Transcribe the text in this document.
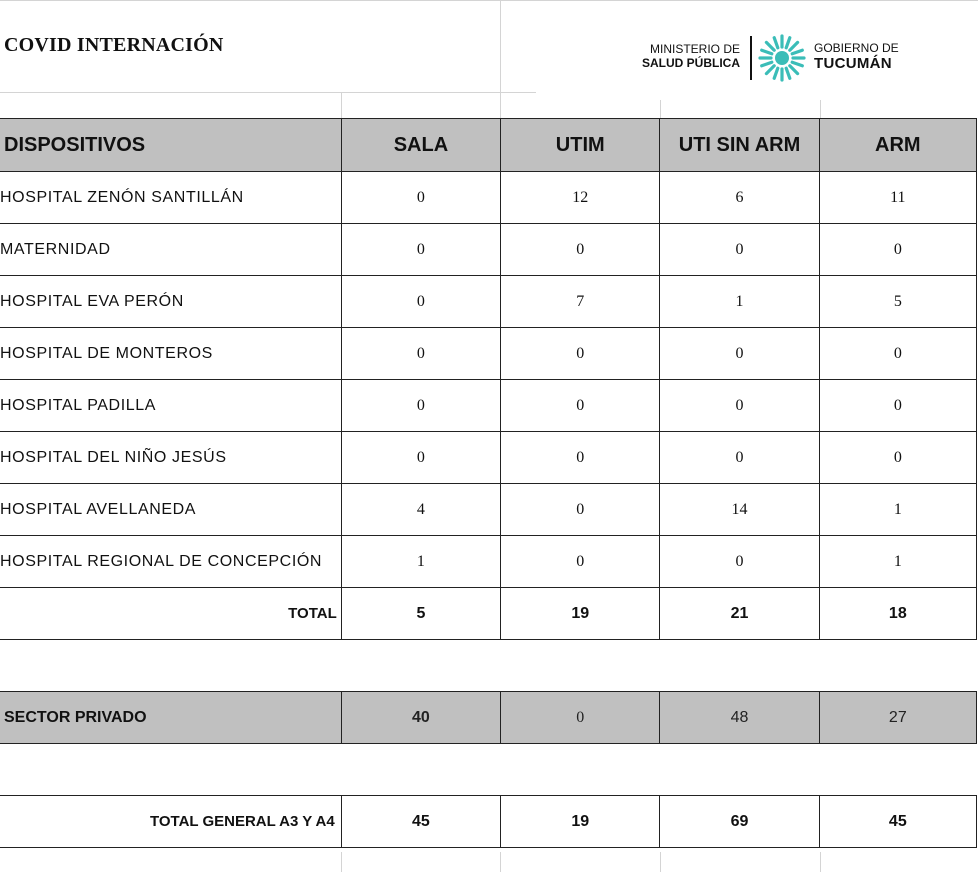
COVID INTERNACIÓN	MINISTERIO DE
SALUD PÚBLICA
GOBIERNO DE
TUCUMÁN
DISPOSITIVOS	SALA	UTIM	UTI SIN ARM	ARM
HOSPITAL ZENÓN SANTILLÁN	0	12	6	11
MATERNIDAD	0	0	0	0
HOSPITAL EVA PERÓN	0	7	1	5
HOSPITAL DE MONTEROS	0	0	0	0
HOSPITAL PADILLA	0	0	0	0
HOSPITAL DEL NIÑO JESÚS	0	0	0	0
HOSPITAL AVELLANEDA	4	0	14	1
HOSPITAL REGIONAL DE CONCEPCIÓN	1	0	0	1
TOTAL	5	19	21	18

SECTOR PRIVADO	40	0	48	27

TOTAL GENERAL A3 Y A4	45	19	69	45
